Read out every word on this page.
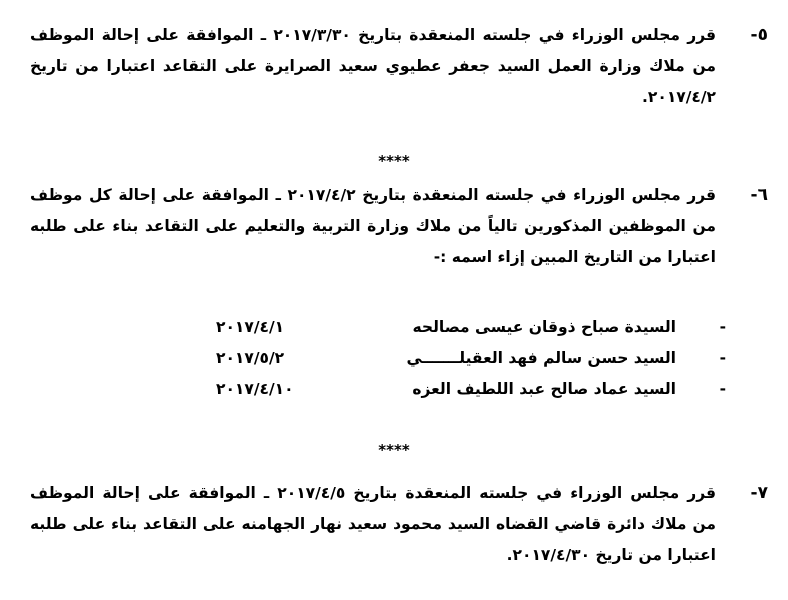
٥-
قرر مجلس الوزراء في جلسته المنعقدة بتاريخ ٢٠١٧/٣/٣٠ ـ الموافقة على إحالة الموظف
من ملاك وزارة العمل السيد جعفر عطيوي سعيد الصرايرة على التقاعد اعتبارا من تاريخ
٢٠١٧/٤/٢.
****
٦-
قرر مجلس الوزراء في جلسته المنعقدة بتاريخ ٢٠١٧/٤/٢ ـ الموافقة على إحالة كل موظف
من الموظفين المذكورين تالياً من ملاك وزارة التربية والتعليم على التقاعد بناء على طلبه
اعتبارا من التاريخ المبين إزاء اسمه :-
-
السيدة صباح ذوقان عيسى مصالحه
٢٠١٧/٤/١
-
السيد حسن سالم فهد العقيلـــــــي
٢٠١٧/٥/٢
-
السيد عماد صالح عبد اللطيف العزه
٢٠١٧/٤/١٠
****
٧-
قرر مجلس الوزراء في جلسته المنعقدة بتاريخ ٢٠١٧/٤/٥ ـ الموافقة على إحالة الموظف
من ملاك دائرة قاضي القضاه السيد محمود سعيد نهار الجهامنه على التقاعد بناء على طلبه
اعتبارا من تاريخ ٢٠١٧/٤/٣٠.
